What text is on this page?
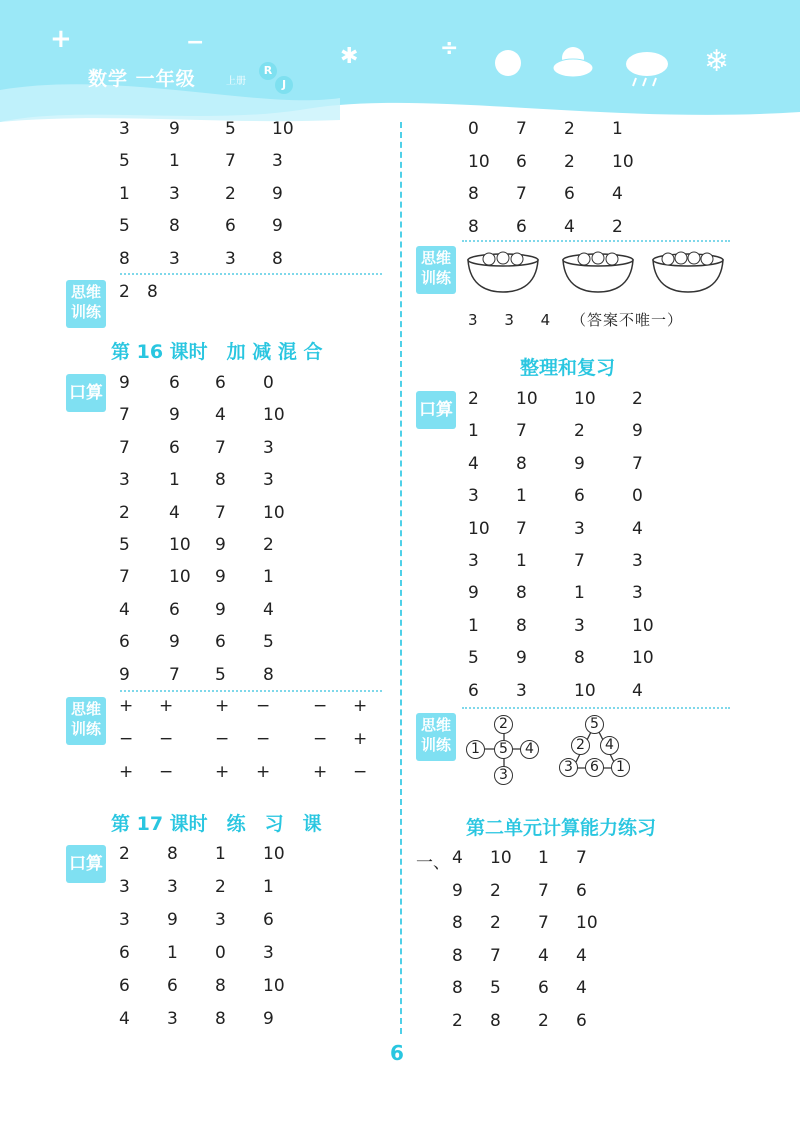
+	−
✱	÷	❄
数学 一年级	上册
R
J
3 9	5 10
5 1	7 3
1 3	2 9
5 8	6 9
8 3	3 8
思维
训练
2 8
第 16 课时　加 减 混 合
口算 9 6 6 0
7 9 4 10
7 6 7 3
3 1 8 3
2 4 7 10
5 10 9 2
7 10 9 1
4 6 9 4
6 9 6 5
9 7 5 8
思维
训练
+ + + −	− +
− − − −	− +
+ − + +	+ −
第 17 课时　练　习　课
口算 2 8 1 10
3 3 2 1
3 9 3 6
6 1 0 3
6 6 8 10
4 3 8 9
0 7 2 1
10 6 2 10
8 7 6 4
8 6 4 2
思维
训练
3 3 4 （答案不唯一）
整理和复习
口算
2 10 10 2
1 7	2	9
4 8	9	7
3 1	6	0
10 7	3	4
3 1	7	3
9 8	1	3
1 8	3	10
5 9	8	10
6 3	10 4
思维
训练
2
1	5	4
3
5
2	4
3	6	1
第二单元计算能力练习
一、 4 10 1 7
9 2 7 6
8 2 7 10
8 7 4 4
8 5 6 4
2 8 2 6
6
